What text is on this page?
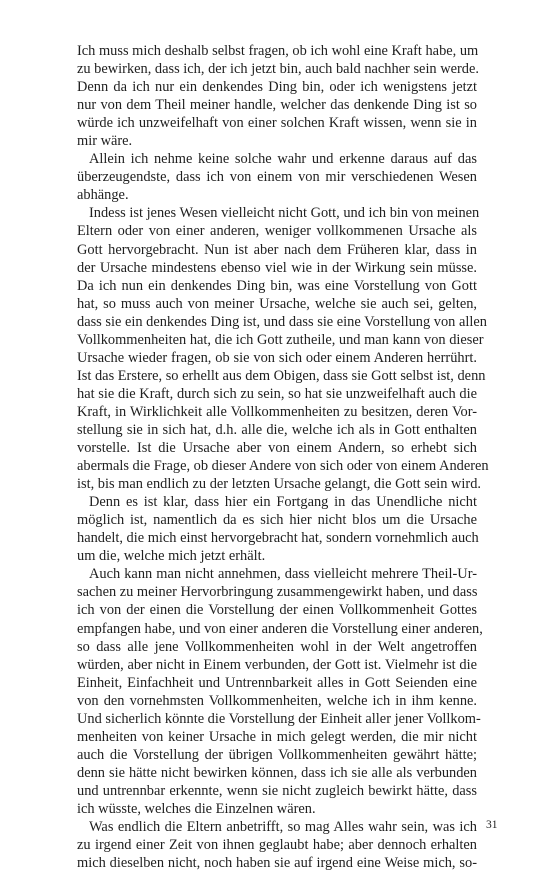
Ich muss mich deshalb selbst fragen, ob ich wohl eine Kraft habe, um
zu bewirken, dass ich, der ich jetzt bin, auch bald nachher sein werde.
Denn da ich nur ein denkendes Ding bin, oder ich wenigstens jetzt
nur von dem Theil meiner handle, welcher das denkende Ding ist so
würde ich unzweifelhaft von einer solchen Kraft wissen, wenn sie in
mir wäre.

Allein ich nehme keine solche wahr und erkenne daraus auf das
überzeugendste, dass ich von einem von mir verschiedenen Wesen
abhänge.

Indess ist jenes Wesen vielleicht nicht Gott, und ich bin von meinen
Eltern oder von einer anderen, weniger vollkommenen Ursache als
Gott hervorgebracht. Nun ist aber nach dem Früheren klar, dass in
der Ursache mindestens ebenso viel wie in der Wirkung sein müsse.
Da ich nun ein denkendes Ding bin, was eine Vorstellung von Gott
hat, so muss auch von meiner Ursache, welche sie auch sei, gelten,
dass sie ein denkendes Ding ist, und dass sie eine Vorstellung von allen
Vollkommenheiten hat, die ich Gott zutheile, und man kann von dieser
Ursache wieder fragen, ob sie von sich oder einem Anderen herrührt.
Ist das Erstere, so erhellt aus dem Obigen, dass sie Gott selbst ist, denn
hat sie die Kraft, durch sich zu sein, so hat sie unzweifelhaft auch die
Kraft, in Wirklichkeit alle Vollkommenheiten zu besitzen, deren Vor-
stellung sie in sich hat, d.h. alle die, welche ich als in Gott enthalten
vorstelle. Ist die Ursache aber von einem Andern, so erhebt sich
abermals die Frage, ob dieser Andere von sich oder von einem Anderen
ist, bis man endlich zu der letzten Ursache gelangt, die Gott sein wird.

Denn es ist klar, dass hier ein Fortgang in das Unendliche nicht
möglich ist, namentlich da es sich hier nicht blos um die Ursache
handelt, die mich einst hervorgebracht hat, sondern vornehmlich auch
um die, welche mich jetzt erhält.

Auch kann man nicht annehmen, dass vielleicht mehrere Theil-Ur-
sachen zu meiner Hervorbringung zusammengewirkt haben, und dass
ich von der einen die Vorstellung der einen Vollkommenheit Gottes
empfangen habe, und von einer anderen die Vorstellung einer anderen,
so dass alle jene Vollkommenheiten wohl in der Welt angetroffen
würden, aber nicht in Einem verbunden, der Gott ist. Vielmehr ist die
Einheit, Einfachheit und Untrennbarkeit alles in Gott Seienden eine
von den vornehmsten Vollkommenheiten, welche ich in ihm kenne.
Und sicherlich könnte die Vorstellung der Einheit aller jener Vollkom-
menheiten von keiner Ursache in mich gelegt werden, die mir nicht
auch die Vorstellung der übrigen Vollkommenheiten gewährt hätte;
denn sie hätte nicht bewirken können, dass ich sie alle als verbunden
und untrennbar erkennte, wenn sie nicht zugleich bewirkt hätte, dass
ich wüsste, welches die Einzelnen wären.

Was endlich die Eltern anbetrifft, so mag Alles wahr sein, was ich
zu irgend einer Zeit von ihnen geglaubt habe; aber dennoch erhalten
mich dieselben nicht, noch haben sie auf irgend eine Weise mich, so-

31
